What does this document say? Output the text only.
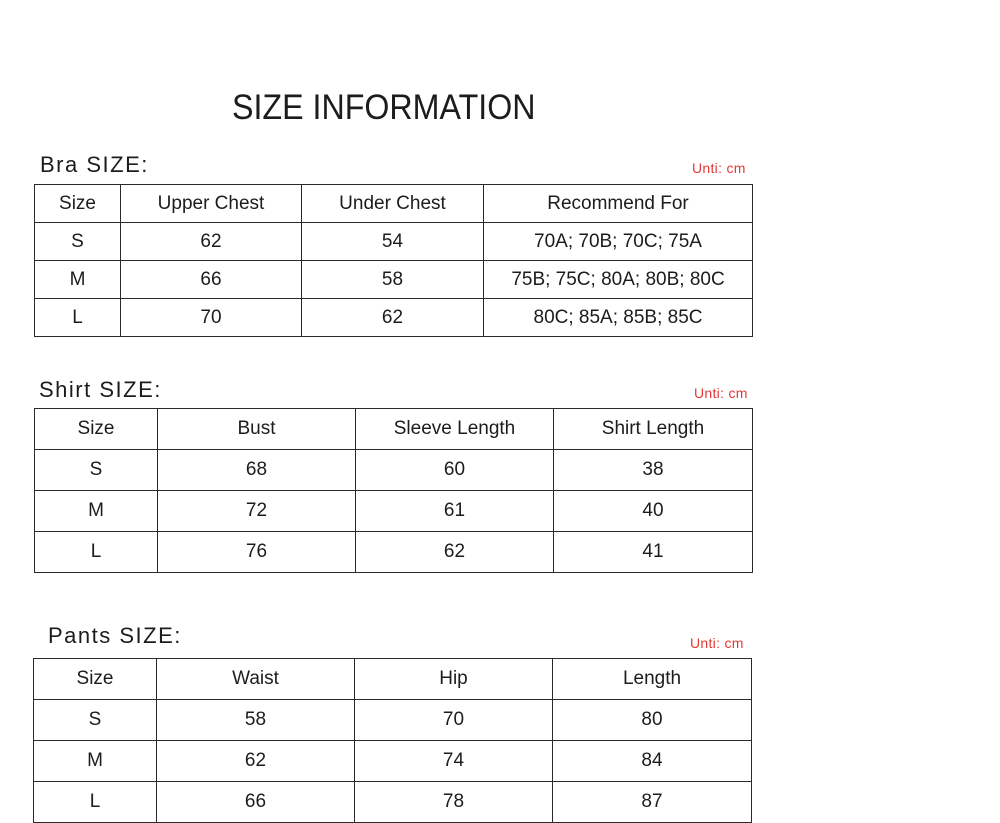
SIZE INFORMATION
Bra SIZE:	Unti: cm
Size	Upper Chest	Under Chest	Recommend For
S	62	54	70A; 70B; 70C; 75A
M	66	58	75B; 75C; 80A; 80B; 80C
L	70	62	80C; 85A; 85B; 85C
Shirt SIZE:	Unti: cm
Size	Bust	Sleeve Length	Shirt Length
S	68	60	38
M	72	61	40
L	76	62	41
Pants SIZE:	Unti: cm
Size	Waist	Hip	Length
S	58	70	80
M	62	74	84
L	66	78	87
